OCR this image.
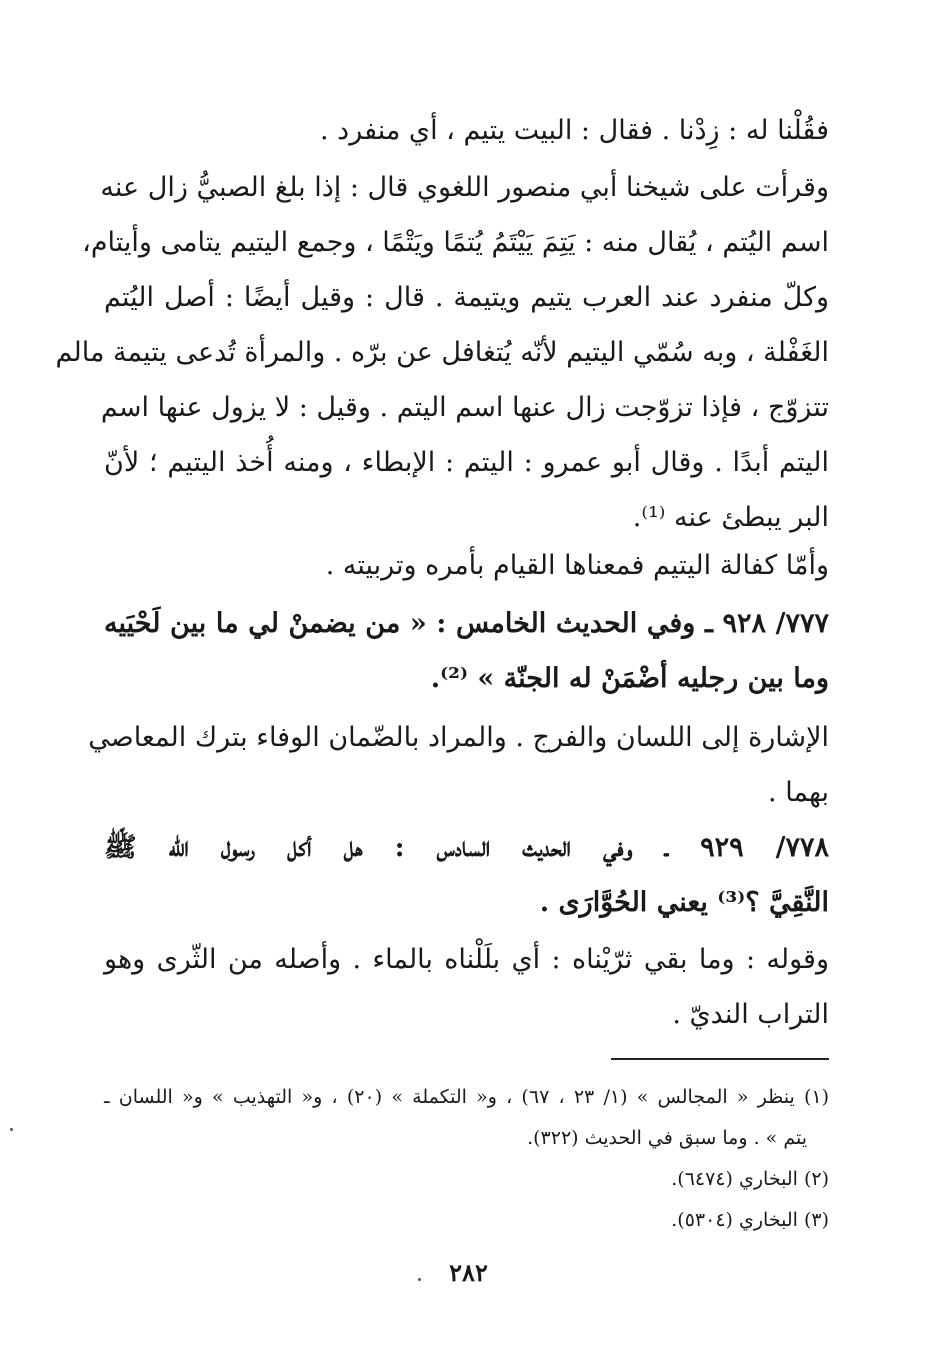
فقُلْنا له : زِدْنا . فقال : البيت يتيم ، أي منفرد .
وقرأت على شيخنا أبي منصور اللغوي قال : إذا بلغ الصبيُّ زال عنه
اسم اليُتم ، يُقال منه : يَتِمَ يَيْتَمُ يُتمًا ويَتْمًا ، وجمع اليتيم يتامى وأيتام،
وكلّ منفرد عند العرب يتيم ويتيمة . قال : وقيل أيضًا : أصل اليُتم
الغَفْلة ، وبه سُمّي اليتيم لأنّه يُتغافل عن برّه . والمرأة تُدعى يتيمة مالم
تتزوّج ، فإذا تزوّجت زال عنها اسم اليتم . وقيل : لا يزول عنها اسم
اليتم أبدًا . وقال أبو عمرو : اليتم : الإبطاء ، ومنه أُخذ اليتيم ؛ لأنّ
البر يبطئ عنه ⁽¹⁾.
وأمّا كفالة اليتيم فمعناها القيام بأمره وتربيته .
٧٧٧/ ٩٢٨ ـ وفي الحديث الخامس : « من يضمنْ لي ما بين لَحْيَيه
وما بين رجليه أضْمَنْ له الجنّة » ⁽²⁾.
الإشارة إلى اللسان والفرج . والمراد بالضّمان الوفاء بترك المعاصي
بهما .
٧٧٨/ ٩٢٩ ـ وفي الحديث السادس : هل أكل رسول الله ﷺ
النَّقِيَّ ؟⁽³⁾ يعني الحُوَّارَى .
وقوله : وما بقي ثرّيْناه : أي بلَلْناه بالماء . وأصله من الثّرى وهو
التراب النديّ .
(١) ينظر « المجالس » (١/ ٢٣ ، ٦٧) ، و« التكملة » (٢٠) ، و« التهذيب » و« اللسان ـ
يتم » . وما سبق في الحديث (٣٢٢).
(٢) البخاري (٦٤٧٤).
(٣) البخاري (٥٣٠٤).
٢٨٢
